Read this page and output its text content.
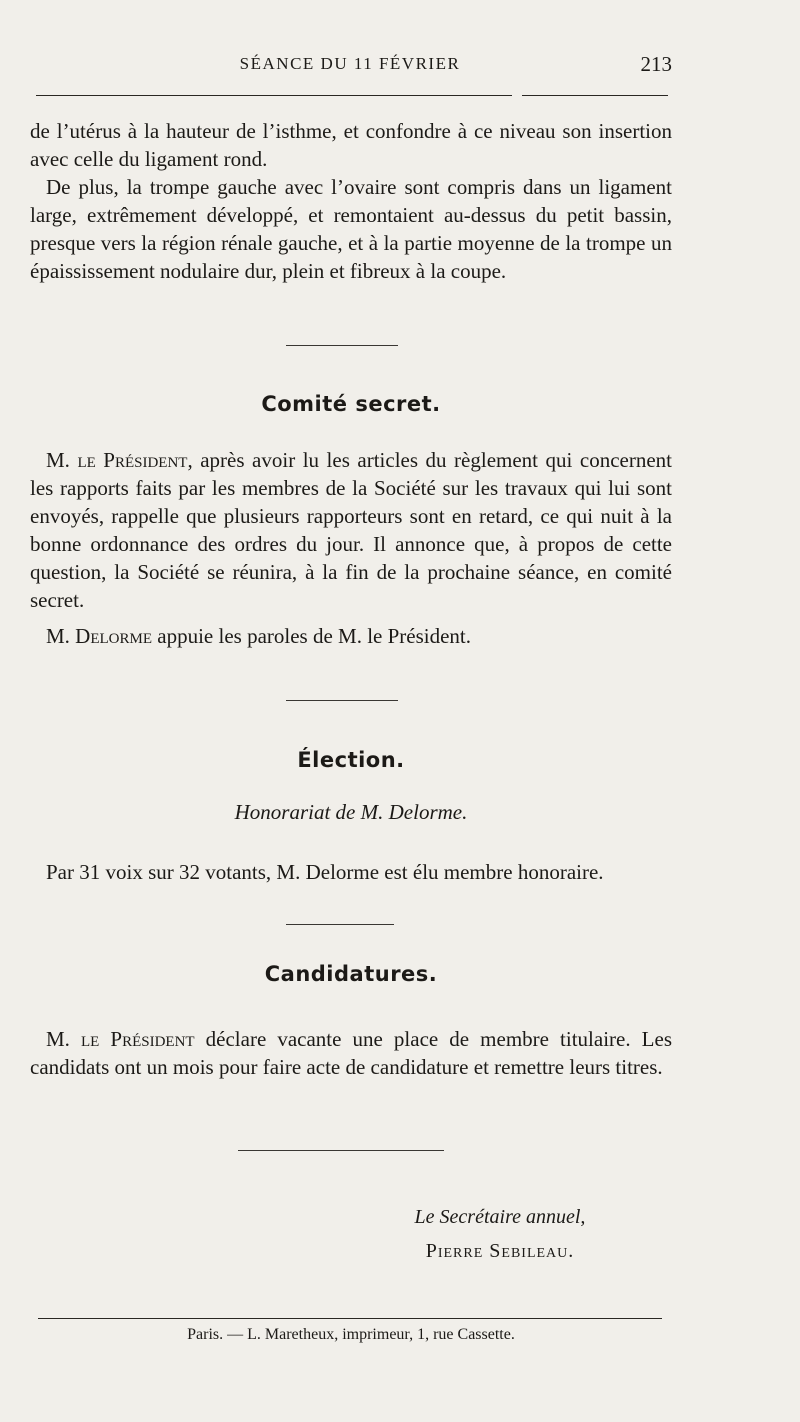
SÉANCE DU 11 FÉVRIER	213

de l’utérus à la hauteur de l’isthme, et confondre à ce niveau son insertion avec celle du ligament rond.

De plus, la trompe gauche avec l’ovaire sont compris dans un ligament large, extrêmement développé, et remontaient au-dessus du petit bassin, presque vers la région rénale gauche, et à la partie moyenne de la trompe un épaississement nodulaire dur, plein et fibreux à la coupe.

Comité secret.

M. le Président, après avoir lu les articles du règlement qui concernent les rapports faits par les membres de la Société sur les travaux qui lui sont envoyés, rappelle que plusieurs rapporteurs sont en retard, ce qui nuit à la bonne ordonnance des ordres du jour. Il annonce que, à propos de cette question, la Société se réunira, à la fin de la prochaine séance, en comité secret.

M. Delorme appuie les paroles de M. le Président.

Élection.
Honorariat de M. Delorme.

Par 31 voix sur 32 votants, M. Delorme est élu membre honoraire.

Candidatures.

M. le Président déclare vacante une place de membre titulaire. Les candidats ont un mois pour faire acte de candidature et remettre leurs titres.

Le Secrétaire annuel,
Pierre Sebileau.
Paris. — L. Maretheux, imprimeur, 1, rue Cassette.
